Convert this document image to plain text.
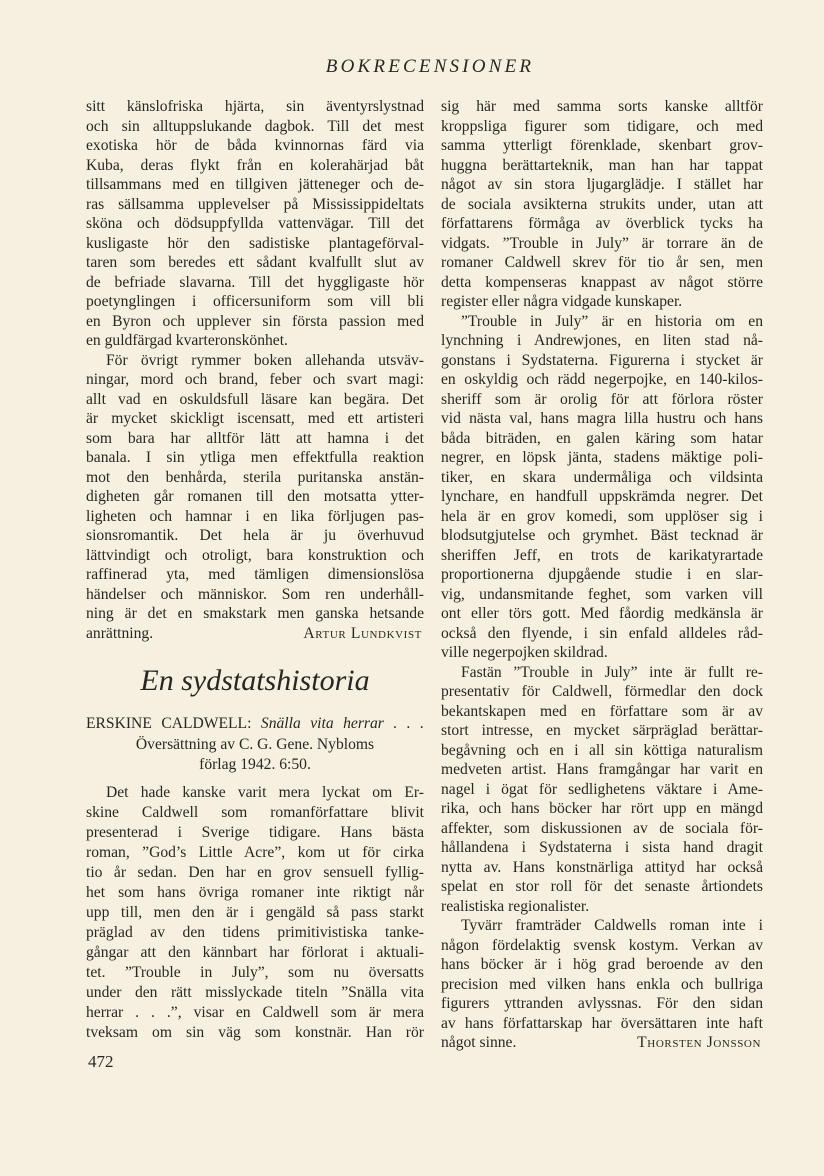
BOKRECENSIONER
sitt känslofriska hjärta, sin äventyrslystnad
och sin alltuppslukande dagbok. Till det mest
exotiska hör de båda kvinnornas färd via
Kuba, deras flykt från en kolerahärjad båt
tillsammans med en tillgiven jätteneger och de-
ras sällsamma upplevelser på Mississippideltats
sköna och dödsuppfyllda vattenvägar. Till det
kusligaste hör den sadistiske plantageförval-
taren som beredes ett sådant kvalfullt slut av
de befriade slavarna. Till det hyggligaste hör
poetynglingen i officersuniform som vill bli
en Byron och upplever sin första passion med
en guldfärgad kvarteronskönhet.
För övrigt rymmer boken allehanda utsväv-
ningar, mord och brand, feber och svart magi:
allt vad en oskuldsfull läsare kan begära. Det
är mycket skickligt iscensatt, med ett artisteri
som bara har alltför lätt att hamna i det
banala. I sin ytliga men effektfulla reaktion
mot den benhårda, sterila puritanska anstän-
digheten går romanen till den motsatta ytter-
ligheten och hamnar i en lika förljugen pas-
sionsromantik. Det hela är ju överhuvud
lättvindigt och otroligt, bara konstruktion och
raffinerad yta, med tämligen dimensionslösa
händelser och människor. Som ren underhåll-
ning är det en smakstark men ganska hetsande
anrättning.	Artur Lundkvist
En sydstatshistoria
ERSKINE CALDWELL: Snälla vita herrar . . .
Översättning av C. G. Gene. Nybloms
förlag 1942. 6:50.
Det hade kanske varit mera lyckat om Er-
skine Caldwell som romanförfattare blivit
presenterad i Sverige tidigare. Hans bästa
roman, ”God’s Little Acre”, kom ut för cirka
tio år sedan. Den har en grov sensuell fyllig-
het som hans övriga romaner inte riktigt når
upp till, men den är i gengäld så pass starkt
präglad av den tidens primitivistiska tanke-
gångar att den kännbart har förlorat i aktuali-
tet. ”Trouble in July”, som nu översatts
under den rätt misslyckade titeln ”Snälla vita
herrar . . .”, visar en Caldwell som är mera
tveksam om sin väg som konstnär. Han rör
sig här med samma sorts kanske alltför
kroppsliga figurer som tidigare, och med
samma ytterligt förenklade, skenbart grov-
huggna berättarteknik, man han har tappat
något av sin stora ljugarglädje. I stället har
de sociala avsikterna strukits under, utan att
författarens förmåga av överblick tycks ha
vidgats. ”Trouble in July” är torrare än de
romaner Caldwell skrev för tio år sen, men
detta kompenseras knappast av något större
register eller några vidgade kunskaper.
”Trouble in July” är en historia om en
lynchning i Andrewjones, en liten stad nå-
gonstans i Sydstaterna. Figurerna i stycket är
en oskyldig och rädd negerpojke, en 140-kilos-
sheriff som är orolig för att förlora röster
vid nästa val, hans magra lilla hustru och hans
båda biträden, en galen käring som hatar
negrer, en löpsk jänta, stadens mäktige poli-
tiker, en skara undermåliga och vildsinta
lynchare, en handfull uppskrämda negrer. Det
hela är en grov komedi, som upplöser sig i
blodsutgjutelse och grymhet. Bäst tecknad är
sheriffen Jeff, en trots de karikatyrartade
proportionerna djupgående studie i en slar-
vig, undansmitande feghet, som varken vill
ont eller törs gott. Med fåordig medkänsla är
också den flyende, i sin enfald alldeles råd-
ville negerpojken skildrad.
Fastän ”Trouble in July” inte är fullt re-
presentativ för Caldwell, förmedlar den dock
bekantskapen med en författare som är av
stort intresse, en mycket särpräglad berättar-
begåvning och en i all sin köttiga naturalism
medveten artist. Hans framgångar har varit en
nagel i ögat för sedlighetens väktare i Ame-
rika, och hans böcker har rört upp en mängd
affekter, som diskussionen av de sociala för-
hållandena i Sydstaterna i sista hand dragit
nytta av. Hans konstnärliga attityd har också
spelat en stor roll för det senaste årtiondets
realistiska regionalister.
Tyvärr framträder Caldwells roman inte i
någon fördelaktig svensk kostym. Verkan av
hans böcker är i hög grad beroende av den
precision med vilken hans enkla och bullriga
figurers yttranden avlyssnas. För den sidan
av hans författarskap har översättaren inte haft
något sinne.	Thorsten Jonsson
472
